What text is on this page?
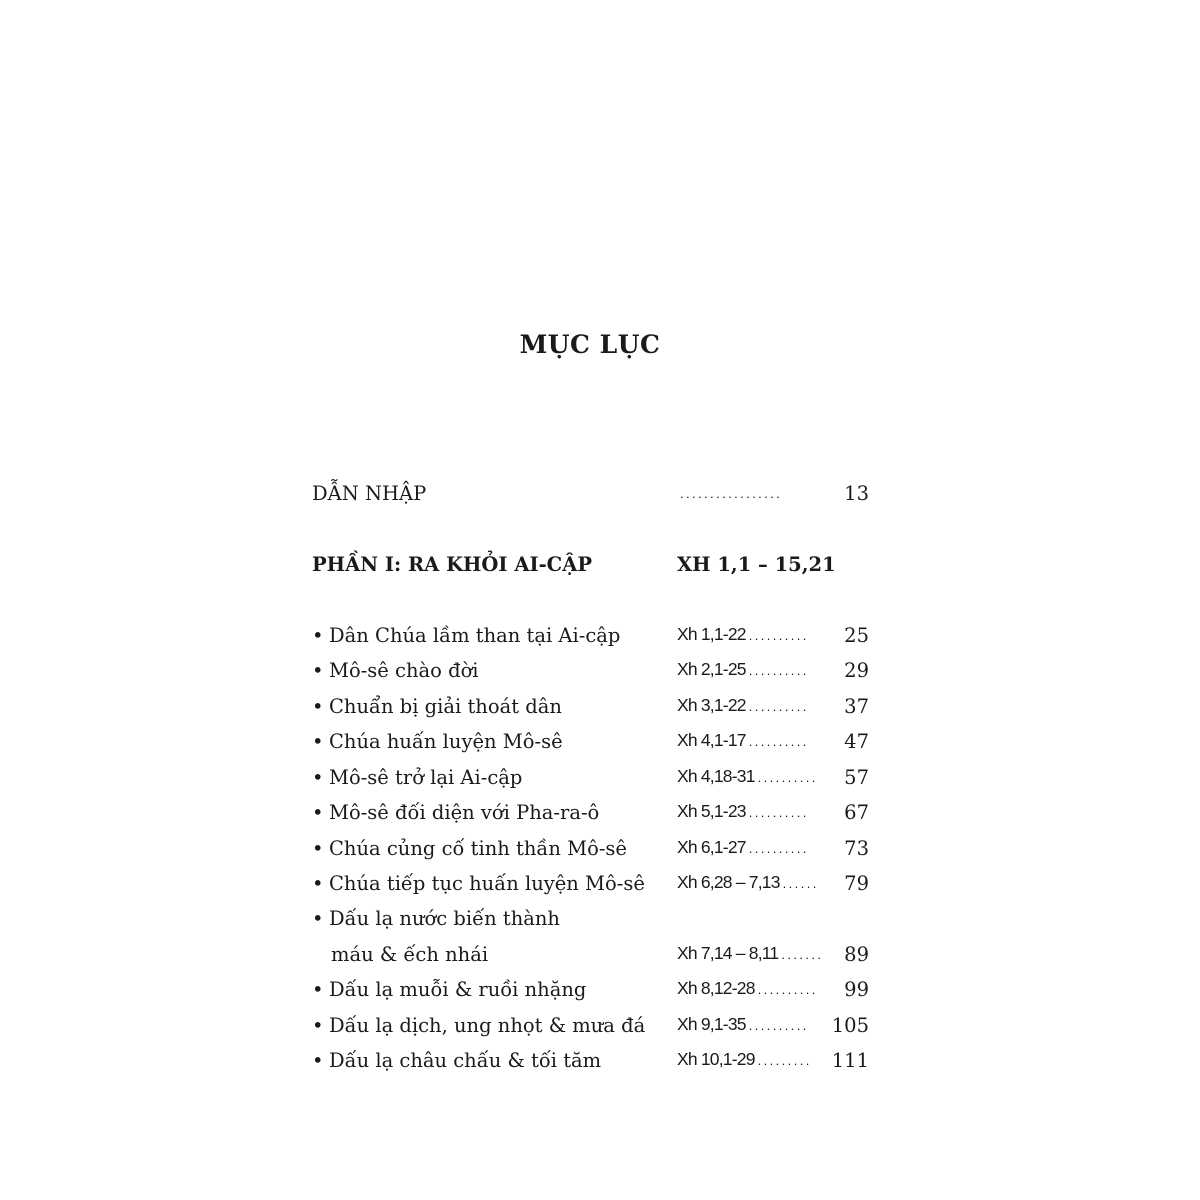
MỤC LỤC
DẪN NHẬP	.................	13
PHẦN I: RA KHỎI AI-CẬP	XH 1,1 – 15,21
• Dân Chúa lầm than tại Ai-cập	Xh 1,1-22 .......... 25
• Mô-sê chào đời	Xh 2,1-25 .......... 29
• Chuẩn bị giải thoát dân	Xh 3,1-22 .......... 37
• Chúa huấn luyện Mô-sê	Xh 4,1-17 .......... 47
• Mô-sê trở lại Ai-cập	Xh 4,18-31 .......... 57
• Mô-sê đối diện với Pha-ra-ô	Xh 5,1-23 .......... 67
• Chúa củng cố tinh thần Mô-sê	Xh 6,1-27 .......... 73
• Chúa tiếp tục huấn luyện Mô-sê Xh 6,28 – 7,13 ...... 79
• Dấu lạ nước biến thành
máu & ếch nhái	Xh 7,14 – 8,11 ....... 89
• Dấu lạ muỗi & ruồi nhặng	Xh 8,12-28 .......... 99
• Dấu lạ dịch, ung nhọt & mưa đá Xh 9,1-35 .......... 105
• Dấu lạ châu chấu & tối tăm	Xh 10,1-29 ......... 111
